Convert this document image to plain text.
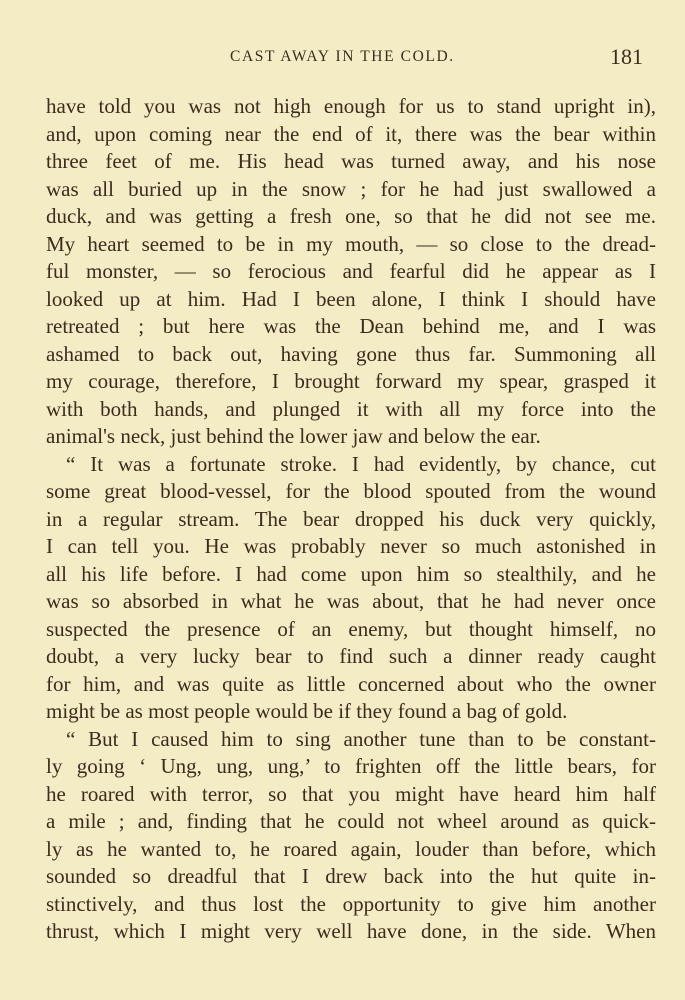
CAST AWAY IN THE COLD.	181
have told you was not high enough for us to stand upright in),
and, upon coming near the end of it, there was the bear within
three feet of me. His head was turned away, and his nose
was all buried up in the snow ; for he had just swallowed a
duck, and was getting a fresh one, so that he did not see me.
My heart seemed to be in my mouth, — so close to the dread-
ful monster, — so ferocious and fearful did he appear as I
looked up at him. Had I been alone, I think I should have
retreated ; but here was the Dean behind me, and I was
ashamed to back out, having gone thus far. Summoning all
my courage, therefore, I brought forward my spear, grasped it
with both hands, and plunged it with all my force into the
animal's neck, just behind the lower jaw and below the ear.
“ It was a fortunate stroke. I had evidently, by chance, cut
some great blood-vessel, for the blood spouted from the wound
in a regular stream. The bear dropped his duck very quickly,
I can tell you. He was probably never so much astonished in
all his life before. I had come upon him so stealthily, and he
was so absorbed in what he was about, that he had never once
suspected the presence of an enemy, but thought himself, no
doubt, a very lucky bear to find such a dinner ready caught
for him, and was quite as little concerned about who the owner
might be as most people would be if they found a bag of gold.
“ But I caused him to sing another tune than to be constant-
ly going ‘ Ung, ung, ung,’ to frighten off the little bears, for
he roared with terror, so that you might have heard him half
a mile ; and, finding that he could not wheel around as quick-
ly as he wanted to, he roared again, louder than before, which
sounded so dreadful that I drew back into the hut quite in-
stinctively, and thus lost the opportunity to give him another
thrust, which I might very well have done, in the side. When
